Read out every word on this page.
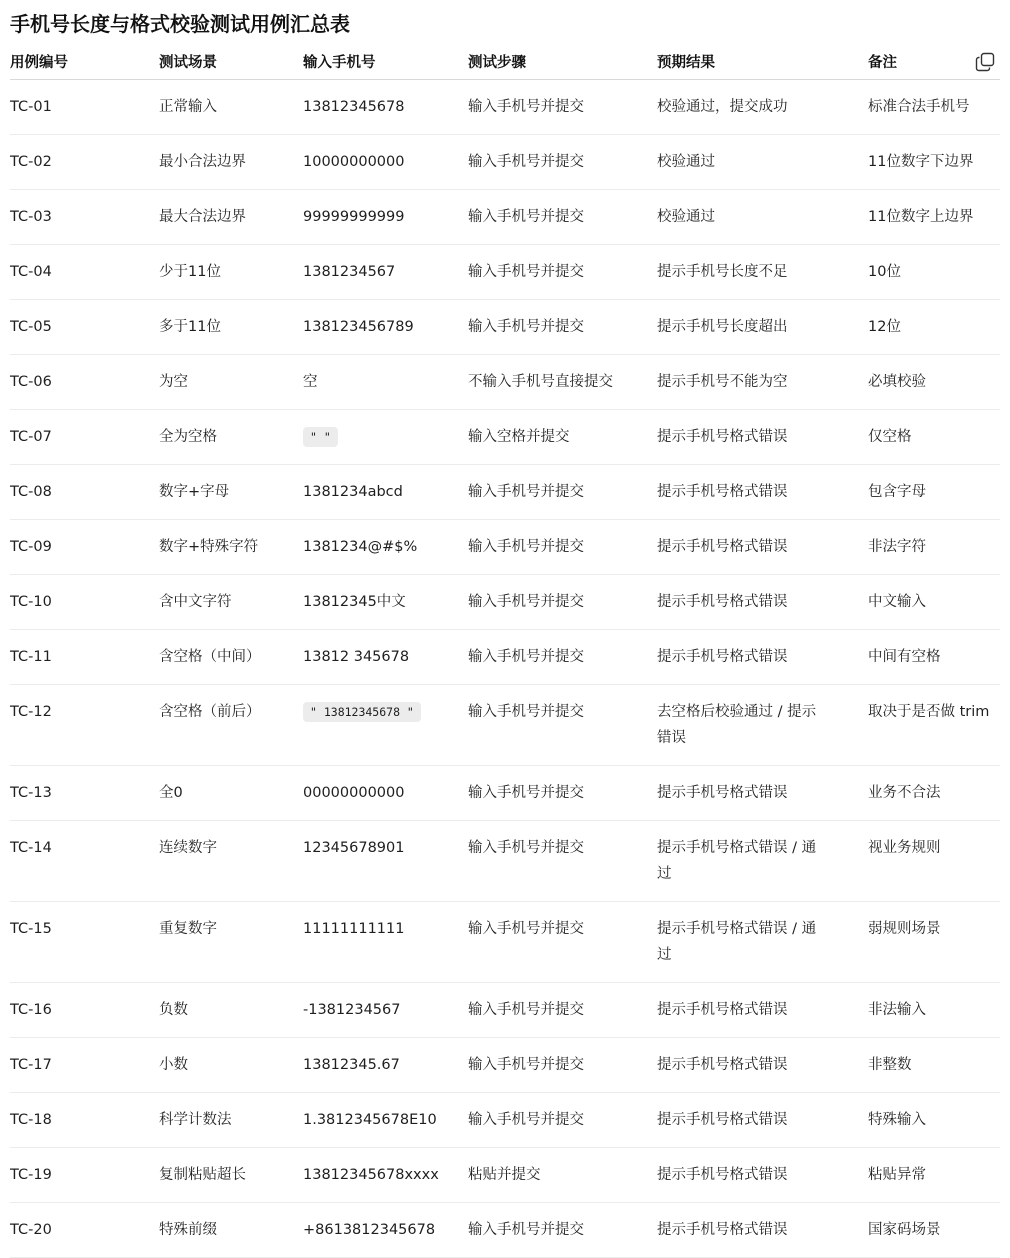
手机号长度与格式校验测试用例汇总表
用例编号	测试场景	输入手机号	测试步骤	预期结果	备注
TC-01	正常输入	13812345678	输入手机号并提交	校验通过，提交成功	标准合法手机号
TC-02	最小合法边界	10000000000	输入手机号并提交	校验通过	11位数字下边界
TC-03	最大合法边界	99999999999	输入手机号并提交	校验通过	11位数字上边界
TC-04	少于11位	1381234567	输入手机号并提交	提示手机号长度不足	10位
TC-05	多于11位	138123456789	输入手机号并提交	提示手机号长度超出	12位
TC-06	为空	空	不输入手机号直接提交	提示手机号不能为空	必填校验
TC-07	全为空格	" "	输入空格并提交	提示手机号格式错误	仅空格
TC-08	数字+字母	1381234abcd	输入手机号并提交	提示手机号格式错误	包含字母
TC-09	数字+特殊字符	1381234@#$%	输入手机号并提交	提示手机号格式错误	非法字符
TC-10	含中文字符	13812345中文	输入手机号并提交	提示手机号格式错误	中文输入
TC-11	含空格（中间）	13812 345678	输入手机号并提交	提示手机号格式错误	中间有空格
TC-12	含空格（前后）	" 13812345678 "	输入手机号并提交	去空格后校验通过 / 提示
错误	取决于是否做 trim
TC-13	全0	00000000000	输入手机号并提交	提示手机号格式错误	业务不合法
TC-14	连续数字	12345678901	输入手机号并提交	提示手机号格式错误 / 通
过	视业务规则
TC-15	重复数字	11111111111	输入手机号并提交	提示手机号格式错误 / 通
过	弱规则场景
TC-16	负数	-1381234567	输入手机号并提交	提示手机号格式错误	非法输入
TC-17	小数	13812345.67	输入手机号并提交	提示手机号格式错误	非整数
TC-18	科学计数法	1.3812345678E10	输入手机号并提交	提示手机号格式错误	特殊输入
TC-19	复制粘贴超长	13812345678xxxx	粘贴并提交	提示手机号格式错误	粘贴异常
TC-20	特殊前缀	+8613812345678	输入手机号并提交	提示手机号格式错误	国家码场景
